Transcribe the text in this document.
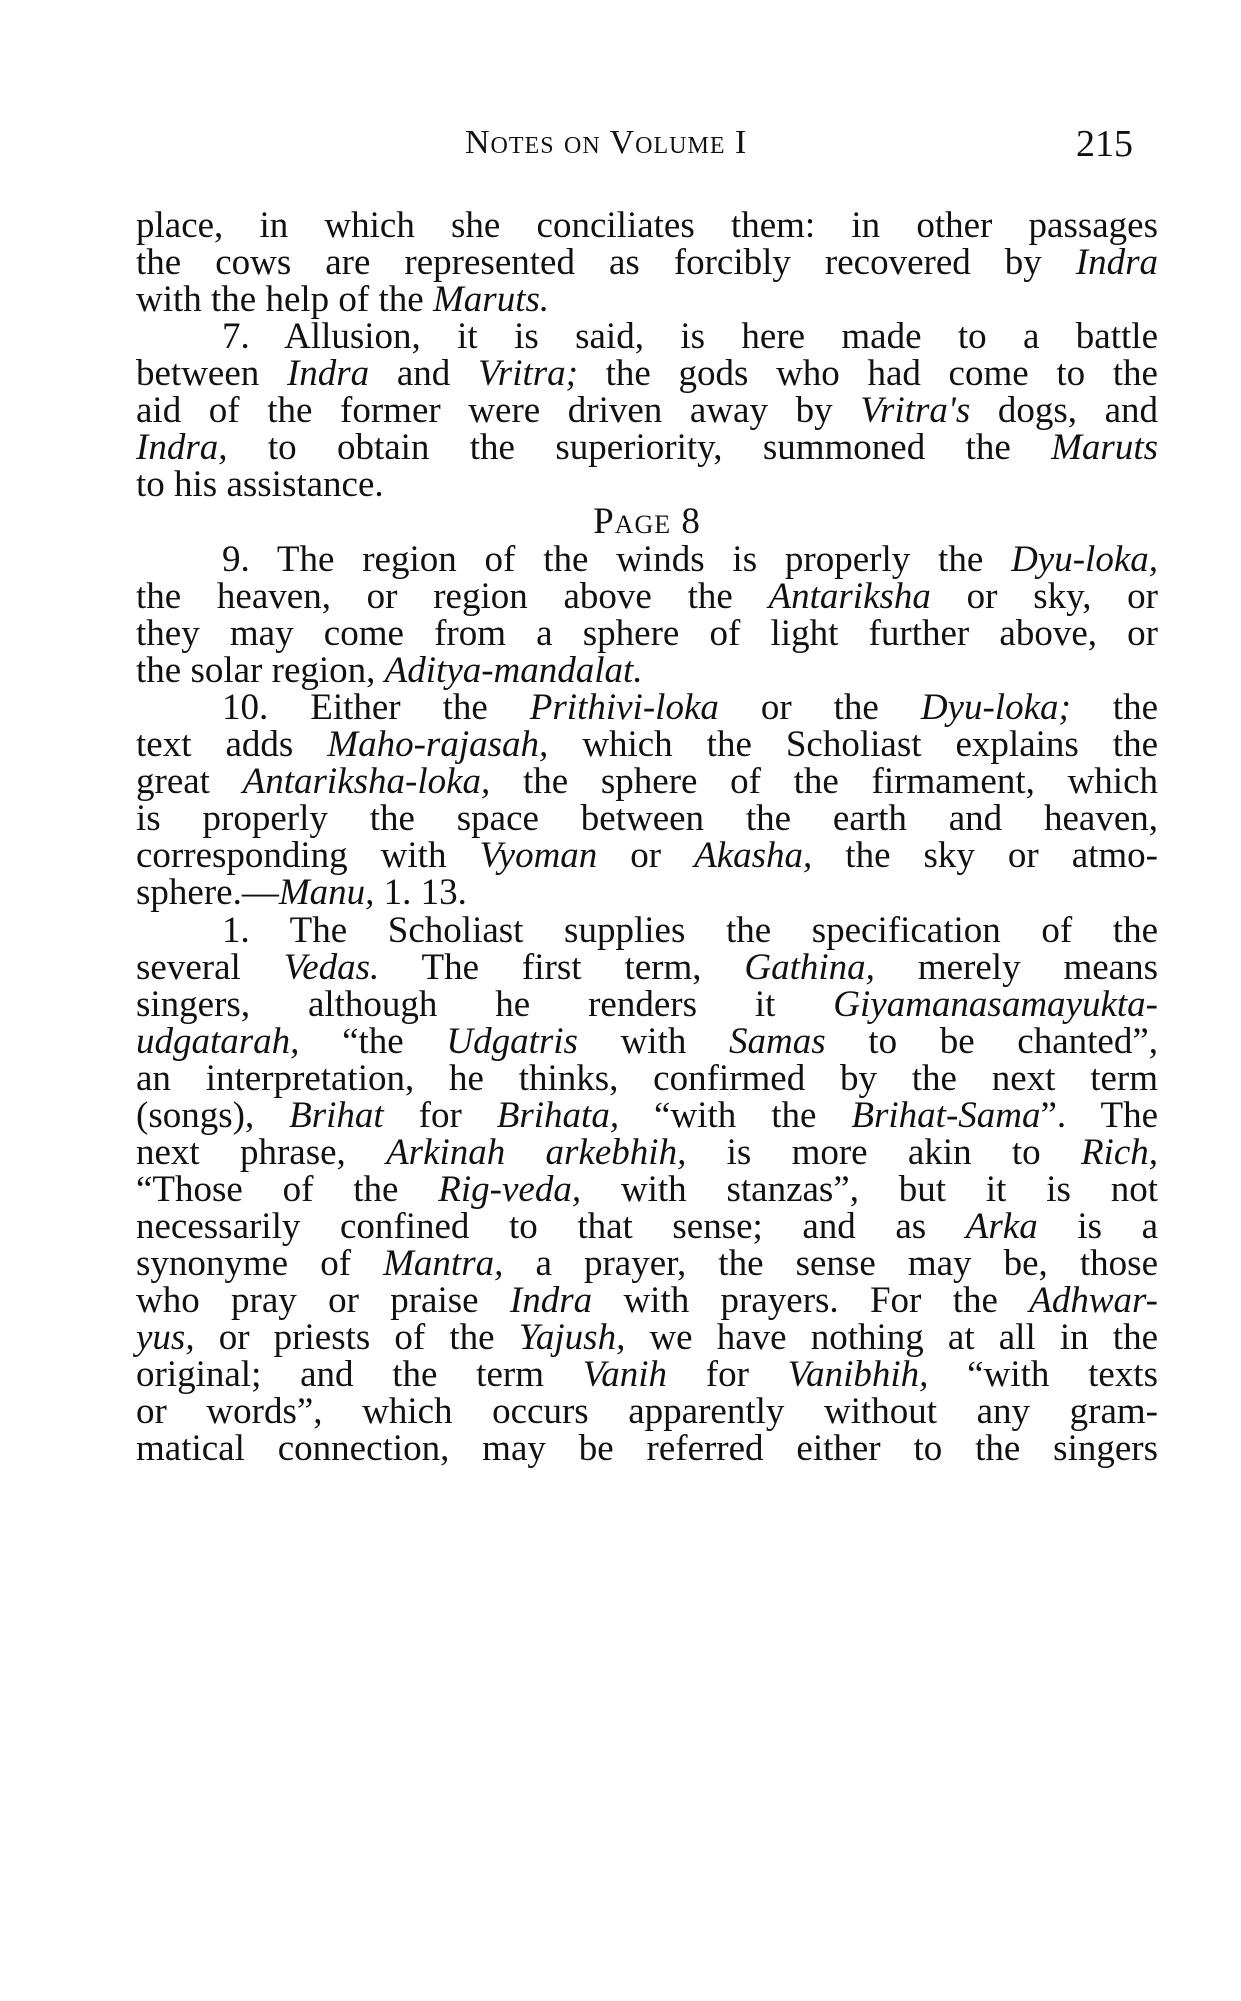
Notes on Volume I	215
place, in which she conciliates them: in other passages
the cows are represented as forcibly recovered by Indra
with the help of the Maruts.
7. Allusion, it is said, is here made to a battle
between Indra and Vritra; the gods who had come to the
aid of the former were driven away by Vritra's dogs, and
Indra, to obtain the superiority, summoned the Maruts
to his assistance.
Page 8
9. The region of the winds is properly the Dyu-loka,
the heaven, or region above the Antariksha or sky, or
they may come from a sphere of light further above, or
the solar region, Aditya-mandalat.
10. Either the Prithivi-loka or the Dyu-loka; the
text adds Maho-rajasah, which the Scholiast explains the
great Antariksha-loka, the sphere of the firmament, which
is properly the space between the earth and heaven,
corresponding with Vyoman or Akasha, the sky or atmo-
sphere.—Manu, 1. 13.
1. The Scholiast supplies the specification of the
several Vedas. The first term, Gathina, merely means
singers, although he renders it Giyamanasamayukta-
udgatarah, “the Udgatris with Samas to be chanted”,
an interpretation, he thinks, confirmed by the next term
(songs), Brihat for Brihata, “with the Brihat-Sama”. The
next phrase, Arkinah arkebhih, is more akin to Rich,
“Those of the Rig-veda, with stanzas”, but it is not
necessarily confined to that sense; and as Arka is a
synonyme of Mantra, a prayer, the sense may be, those
who pray or praise Indra with prayers. For the Adhwar-
yus, or priests of the Yajush, we have nothing at all in the
original; and the term Vanih for Vanibhih, “with texts
or words”, which occurs apparently without any gram-
matical connection, may be referred either to the singers
